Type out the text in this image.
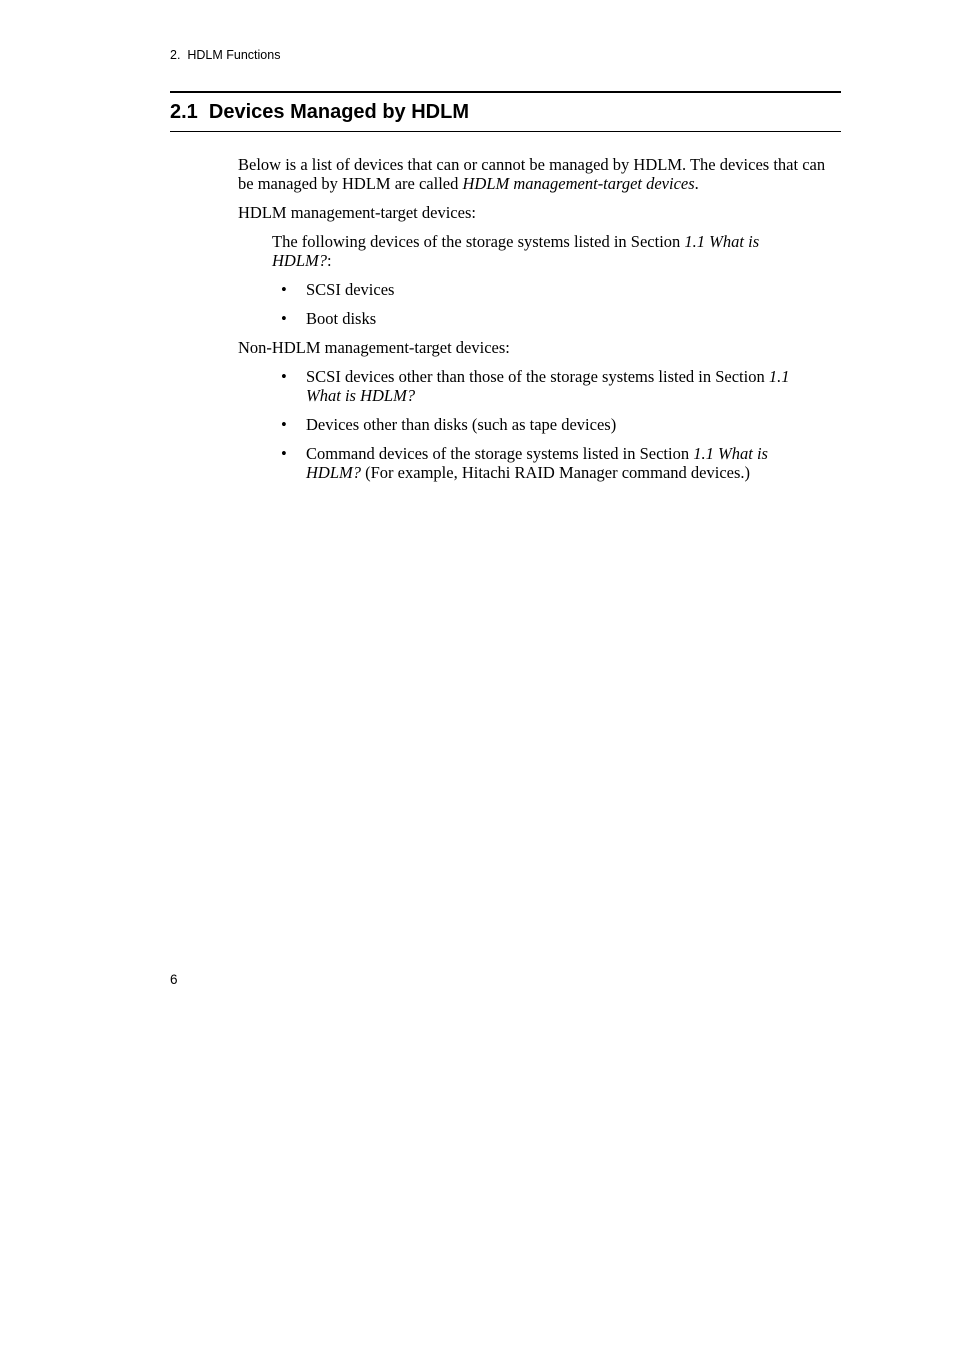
2.  HDLM Functions
2.1  Devices Managed by HDLM

Below is a list of devices that can or cannot be managed by HDLM. The devices that can be managed by HDLM are called HDLM management-target devices.

HDLM management-target devices:

The following devices of the storage systems listed in Section 1.1 What is HDLM?:

• SCSI devices
• Boot disks

Non-HDLM management-target devices:

• SCSI devices other than those of the storage systems listed in Section 1.1 What is HDLM?
• Devices other than disks (such as tape devices)
• Command devices of the storage systems listed in Section 1.1 What is HDLM? (For example, Hitachi RAID Manager command devices.)
6
